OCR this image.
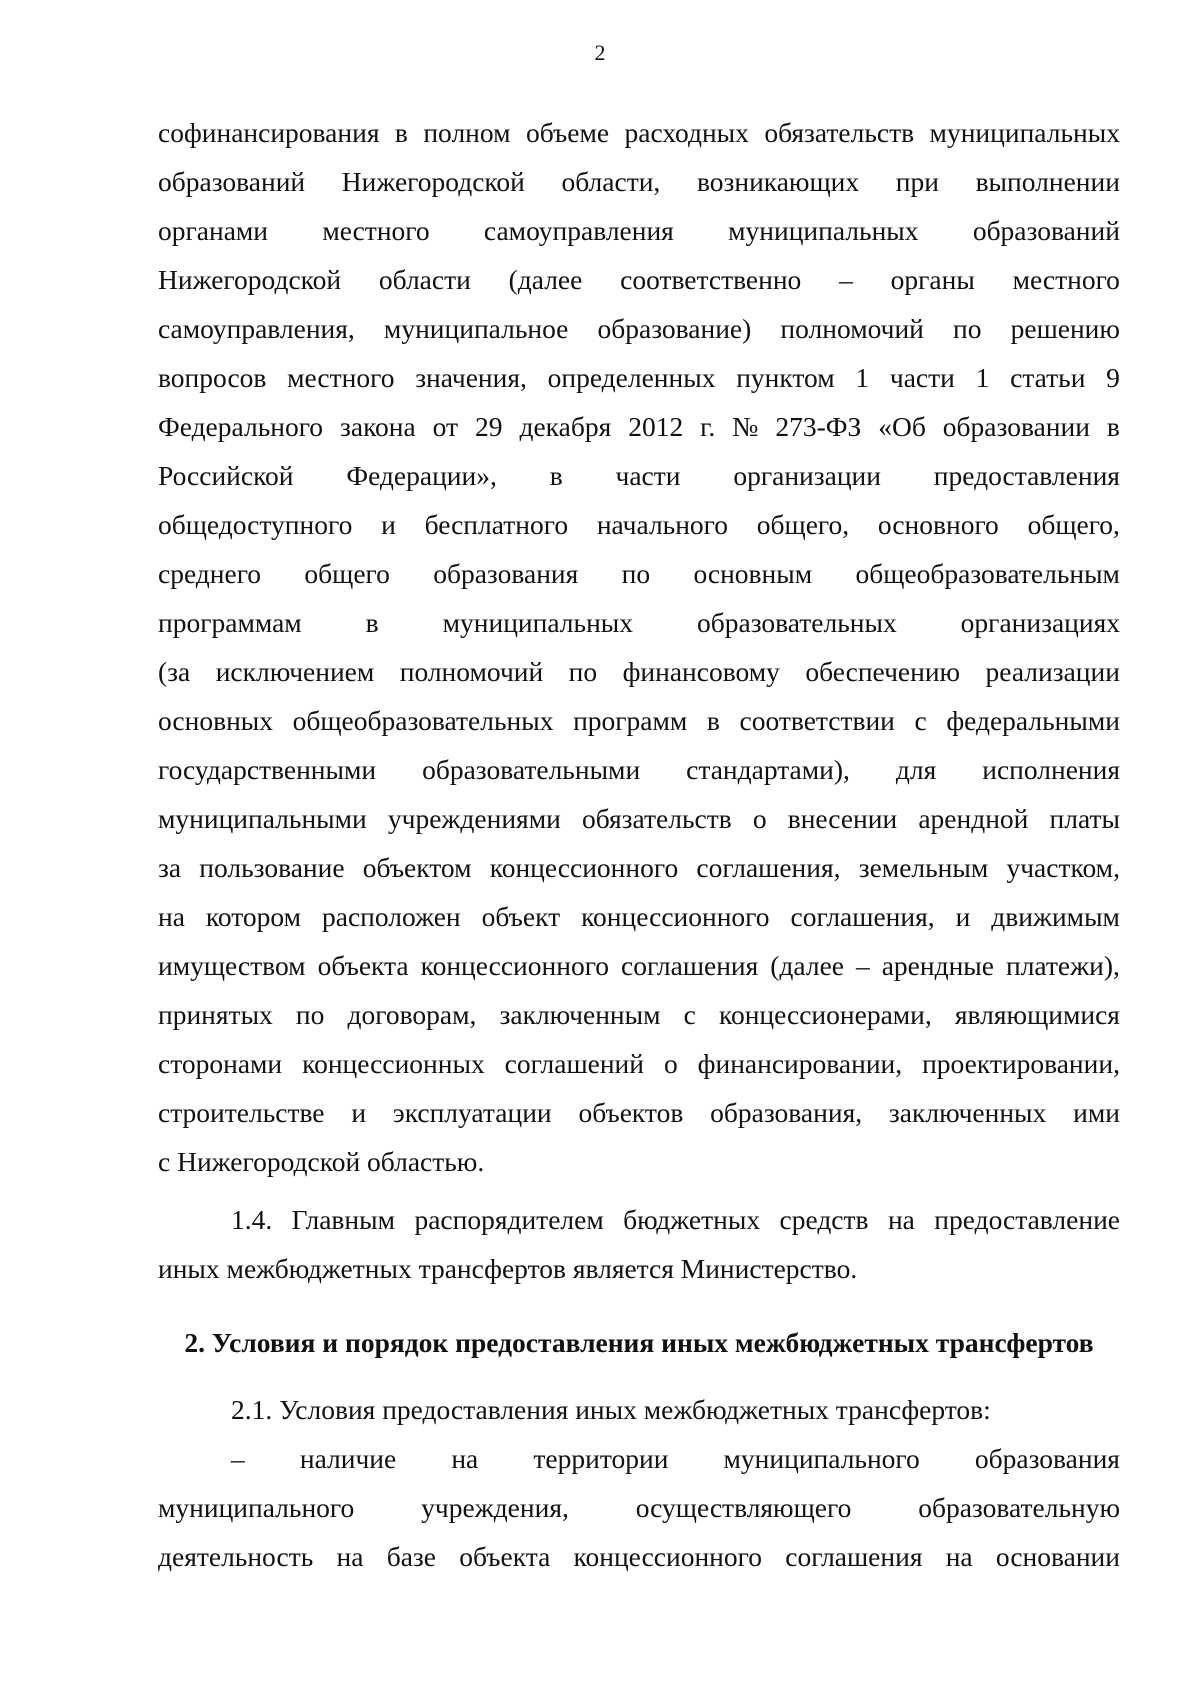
2
софинансирования в полном объеме расходных обязательств муниципальных
образований Нижегородской области, возникающих при выполнении
органами местного самоуправления муниципальных образований
Нижегородской области (далее соответственно – органы местного
самоуправления, муниципальное образование) полномочий по решению
вопросов местного значения, определенных пунктом 1 части 1 статьи 9
Федерального закона от 29 декабря 2012 г. № 273-ФЗ «Об образовании в
Российской Федерации», в части организации предоставления
общедоступного и бесплатного начального общего, основного общего,
среднего общего образования по основным общеобразовательным
программам в муниципальных образовательных организациях
(за исключением полномочий по финансовому обеспечению реализации
основных общеобразовательных программ в соответствии с федеральными
государственными образовательными стандартами), для исполнения
муниципальными учреждениями обязательств о внесении арендной платы
за пользование объектом концессионного соглашения, земельным участком,
на котором расположен объект концессионного соглашения, и движимым
имуществом объекта концессионного соглашения (далее – арендные платежи),
принятых по договорам, заключенным с концессионерами, являющимися
сторонами концессионных соглашений о финансировании, проектировании,
строительстве и эксплуатации объектов образования, заключенных ими
с Нижегородской областью.
1.4. Главным распорядителем бюджетных средств на предоставление
иных межбюджетных трансфертов является Министерство.
2. Условия и порядок предоставления иных межбюджетных трансфертов
2.1. Условия предоставления иных межбюджетных трансфертов:
– наличие на территории муниципального образования
муниципального учреждения, осуществляющего образовательную
деятельность на базе объекта концессионного соглашения на основании
